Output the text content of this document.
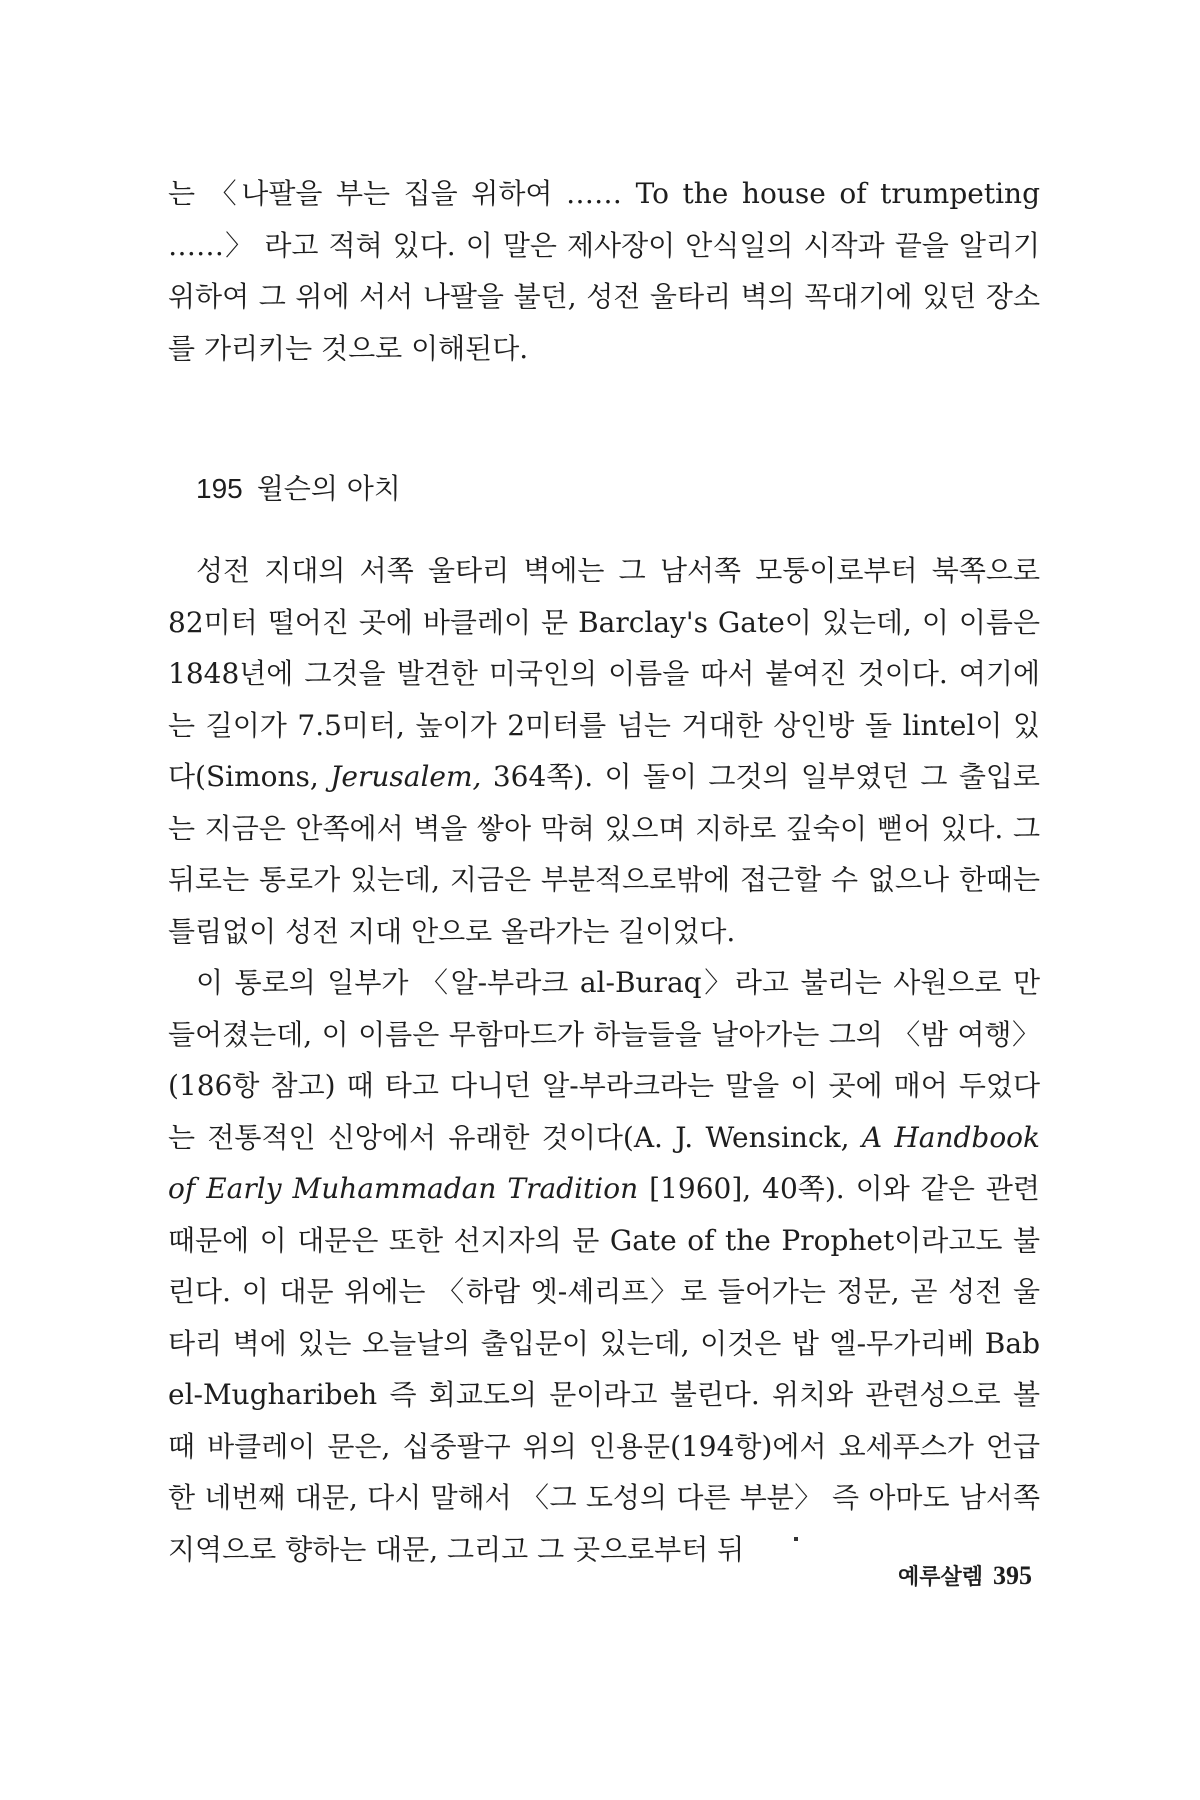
는 〈나팔을 부는 집을 위하여 …… To the house of trumpeting ……〉 라고 적혀 있다. 이 말은 제사장이 안식일의 시작과 끝을 알리기 위하여 그 위에 서서 나팔을 불던, 성전 울타리 벽의 꼭대기에 있던 장소를 가리키는 것으로 이해된다.

195 윌슨의 아치

성전 지대의 서쪽 울타리 벽에는 그 남서쪽 모퉁이로부터 북쪽으로 82미터 떨어진 곳에 바클레이 문 Barclay's Gate이 있는데, 이 이름은 1848년에 그것을 발견한 미국인의 이름을 따서 붙여진 것이다. 여기에는 길이가 7.5미터, 높이가 2미터를 넘는 거대한 상인방 돌 lintel이 있다(Simons, Jerusalem, 364쪽). 이 돌이 그것의 일부였던 그 출입로는 지금은 안쪽에서 벽을 쌓아 막혀 있으며 지하로 깊숙이 뻗어 있다. 그 뒤로는 통로가 있는데, 지금은 부분적으로밖에 접근할 수 없으나 한때는 틀림없이 성전 지대 안으로 올라가는 길이었다.

이 통로의 일부가 〈알-부라크 al-Buraq〉라고 불리는 사원으로 만들어졌는데, 이 이름은 무함마드가 하늘들을 날아가는 그의 〈밤 여행〉(186항 참고) 때 타고 다니던 알-부라크라는 말을 이 곳에 매어 두었다는 전통적인 신앙에서 유래한 것이다(A. J. Wensinck, A Handbook of Early Muhammadan Tradition [1960], 40쪽). 이와 같은 관련 때문에 이 대문은 또한 선지자의 문 Gate of the Prophet이라고도 불린다. 이 대문 위에는 〈하람 엣-셰리프〉로 들어가는 정문, 곧 성전 울타리 벽에 있는 오늘날의 출입문이 있는데, 이것은 밥 엘-무가리베 Bab el-Mugharibeh 즉 회교도의 문이라고 불린다. 위치와 관련성으로 볼 때 바클레이 문은, 십중팔구 위의 인용문(194항)에서 요세푸스가 언급한 네번째 대문, 다시 말해서 〈그 도성의 다른 부분〉 즉 아마도 남서쪽 지역으로 향하는 대문, 그리고 그 곳으로부터 뒤

예루살렘 395
